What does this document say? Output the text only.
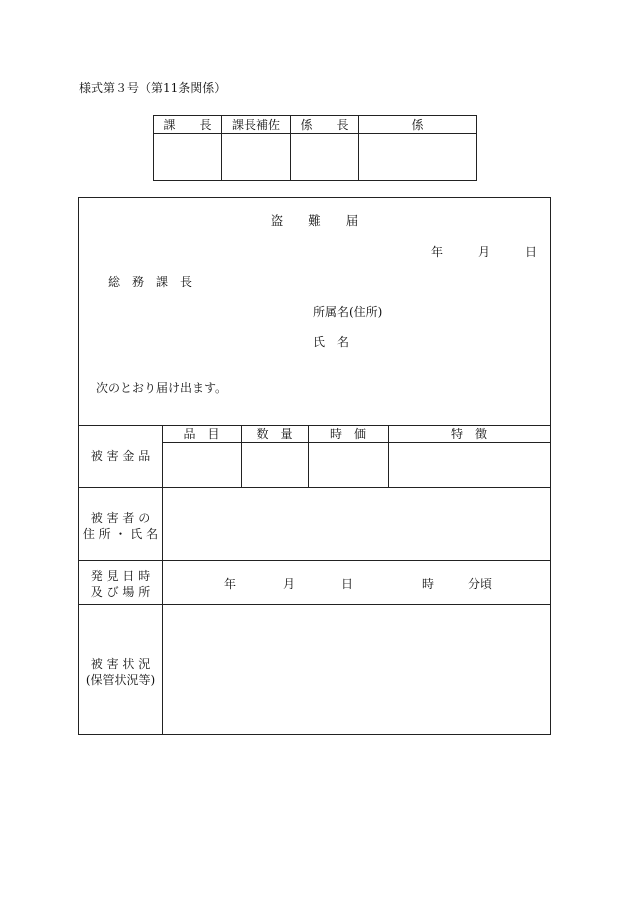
様式第３号（第11条関係）
課　　長	課長補佐	係　　長	係

盗　　難　　届
年	月	日
総　務　課　長
所属名(住所)
氏　名
次のとおり届け出ます。
被 害 金 品
品　目	数　量	時　価	特　徴
被 害 者 の
住 所 ・ 氏 名
発 見 日 時
及 び 場 所
年	月	日	時	分頃
被 害 状 況
(保管状況等)
